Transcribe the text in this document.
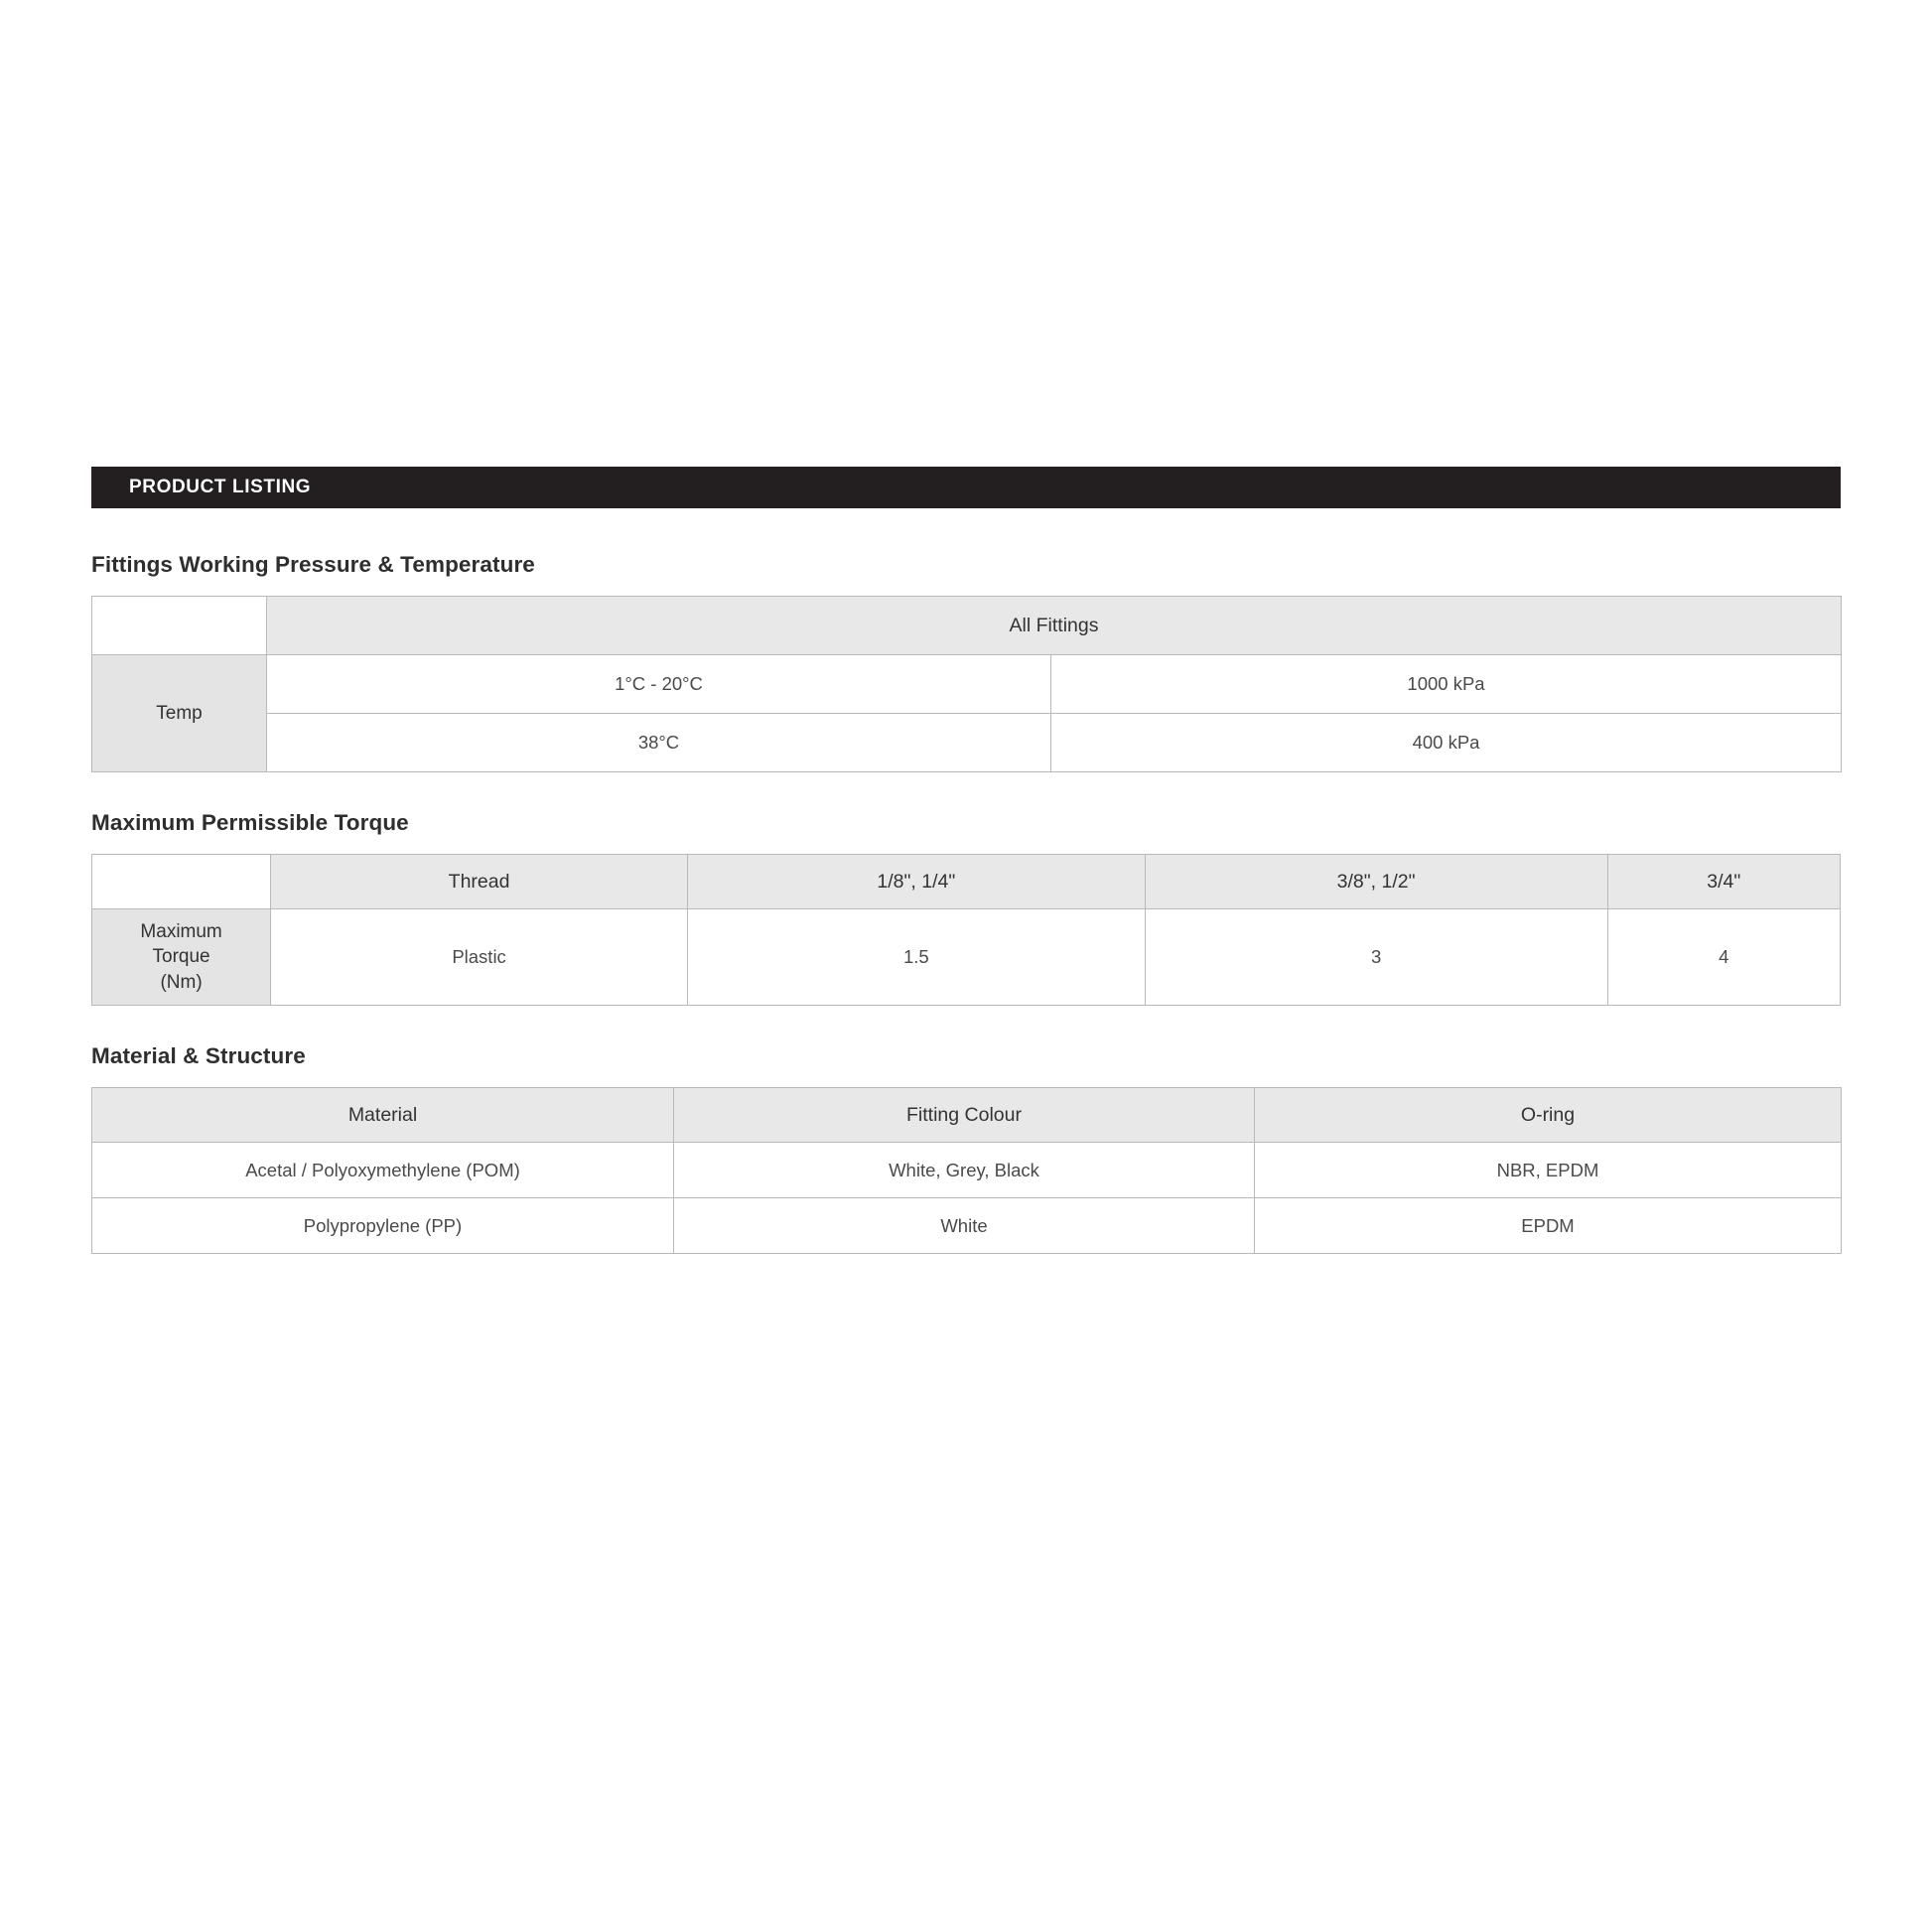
PRODUCT LISTING
Fittings Working Pressure & Temperature
	All Fittings	
Temp	1°C - 20°C	1000 kPa
	38°C	400 kPa
Maximum Permissible Torque
	Thread	1/8", 1/4"	3/8", 1/2"	3/4"

Maximum
Torque
(Nm)	Plastic	1.5	3	4
Material & Structure
Material	Fitting Colour	O-ring
Acetal / Polyoxymethylene (POM)	White, Grey, Black	NBR, EPDM
Polypropylene (PP)	White	EPDM
